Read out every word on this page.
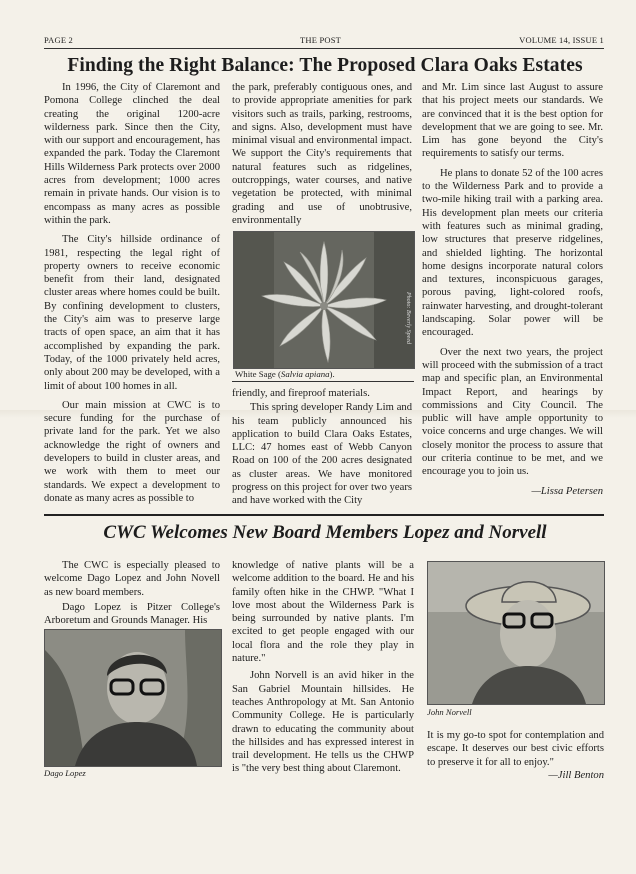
PAGE 2	THE POST	VOLUME 14, ISSUE 1
Finding the Right Balance: The Proposed Clara Oaks Estates

In 1996, the City of Claremont and Pomona College clinched the deal creating the original 1200-acre wilderness park. Since then the City, with our support and encouragement, has expanded the park. Today the Claremont Hills Wilderness Park protects over 2000 acres from development; 1000 acres remain in private hands. Our vision is to encompass as many acres as possible within the park.

The City's hillside ordinance of 1981, respecting the legal right of property owners to receive economic benefit from their land, designated cluster areas where homes could be built. By confining development to clusters, the City's aim was to preserve large tracts of open space, an aim that it has accomplished by expanding the park. Today, of the 1000 privately held acres, only about 200 may be developed, with a limit of about 100 homes in all.

Our main mission at CWC is to secure funding for the purchase of private land for the park. Yet we also acknowledge the right of owners and developers to build in cluster areas, and we work with them to meet our standards. We expect a development to donate as many acres as possible to

the park, preferably contiguous ones, and to provide appropriate amenities for park visitors such as trails, parking, restrooms, and signs. Also, development must have minimal visual and environmental impact. We support the City's requirements that natural features such as ridgelines, outcroppings, water courses, and native vegetation be protected, with minimal grading and use of unobtrusive, environmentally

Photo: Beverly Speed
White Sage (Salvia apiana).

friendly, and fireproof materials.

This spring developer Randy Lim and his team publicly announced his application to build Clara Oaks Estates, LLC: 47 homes east of Webb Canyon Road on 100 of the 200 acres designated as cluster areas. We have monitored progress on this project for over two years and have worked with the City

and Mr. Lim since last August to assure that his project meets our standards. We are convinced that it is the best option for development that we are going to see. Mr. Lim has gone beyond the City's requirements to satisfy our terms.

He plans to donate 52 of the 100 acres to the Wilderness Park and to provide a two-mile hiking trail with a parking area. His development plan meets our criteria with features such as minimal grading, low structures that preserve ridgelines, and shielded lighting. The horizontal home designs incorporate natural colors and textures, inconspicuous garages, porous paving, light-colored roofs, rainwater harvesting, and drought-tolerant landscaping. Solar power will be encouraged.

Over the next two years, the project will proceed with the submission of a tract map and specific plan, an Environmental Impact Report, and hearings by commissions and City Council. The public will have ample opportunity to voice concerns and urge changes. We will closely monitor the process to assure that our criteria continue to be met, and we encourage you to join us.

—Lissa Petersen

CWC Welcomes New Board Members Lopez and Norvell

The CWC is especially pleased to welcome Dago Lopez and John Novell as new board members.

Dago Lopez is Pitzer College's Arboretum and Grounds Manager. His

Dago Lopez

knowledge of native plants will be a welcome addition to the board. He and his family often hike in the CHWP. "What I love most about the Wilderness Park is being surrounded by native plants. I'm excited to get people engaged with our local flora and the role they play in nature."

John Norvell is an avid hiker in the San Gabriel Mountain hillsides. He teaches Anthropology at Mt. San Antonio Community College. He is particularly drawn to educating the community about the hillsides and has expressed interest in trail development. He tells us the CHWP is "the very best thing about Claremont.

John Norvell

It is my go-to spot for contemplation and escape. It deserves our best civic efforts to preserve it for all to enjoy."

—Jill Benton
